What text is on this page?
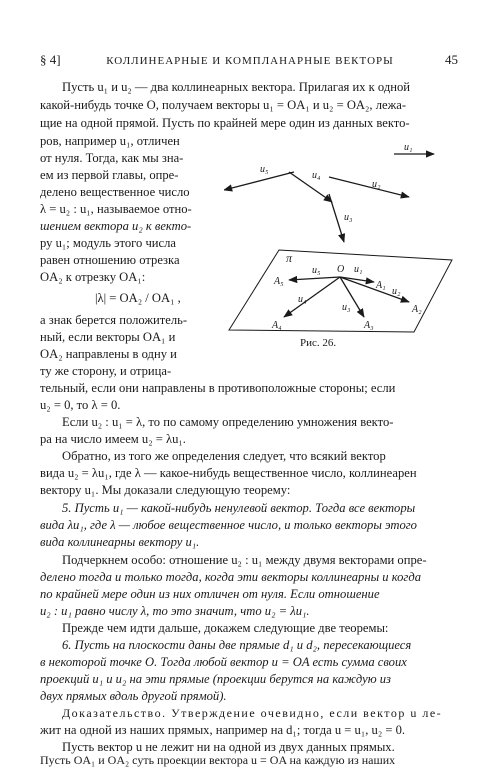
§ 4]	КОЛЛИНЕАРНЫЕ И КОМПЛАНАРНЫЕ ВЕКТОРЫ	45
Пусть u₁ и u₂ — два коллинеарных вектора. Прилагая их к одной
какой-нибудь точке O, получаем векторы u₁ = OA₁ и u₂ = OA₂, лежа-
щие на одной прямой. Пусть по крайней мере один из данных векто-
ров, например u₁, отличен
от нуля. Тогда, как мы зна-
ем из первой главы, опре-
делено вещественное число
λ = u₂ : u₁, называемое отно-
шением вектора u₂ к векто-
ру u₁; модуль этого числа
равен отношению отрезка
OA₂ к отрезку OA₁:
|λ| = OA₂ / OA₁ ,
а знак берется положитель-
ный, если векторы OA₁ и
OA₂ направлены в одну и
ту же сторону, и отрицa-
тельный, если они направлены в противоположные стороны; если
u₂ = 0, то λ = 0.
Если u₂ : u₁ = λ, то по самому определению умножения векто-
ра на число имеем u₂ = λu₁.
Обратно, из того же определения следует, что всякий вектор
вида u₂ = λu₁, где λ — какое-нибудь вещественное число, коллинеарен
вектору u₁. Мы доказали следующую теорему:
5. Пусть u₁ — какой-нибудь ненулевой вектор. Тогда все векторы
вида λu₁, где λ — любое вещественное число, и только векторы этого
вида коллинеарны вектору u₁.
Подчеркнем особо: отношение u₂ : u₁ между двумя векторами опре-
делено тогда и только тогда, когда эти векторы коллинеарны и когда
по крайней мере один из них отличен от нуля. Если отношение
u₂ : u₁ равно числу λ, то это значит, что u₂ = λu₁.
Прежде чем идти дальше, докажем следующие две теоремы:
6. Пусть на плоскости даны две прямые d₁ и d₂, пересекающиеся
в некоторой точке O. Тогда любой вектор u = OA есть сумма своих
проекций u₁ и u₂ на эти прямые (проекции берутся на каждую из
двух прямых вдоль другой прямой).
Доказательство. Утверждение очевидно, если вектор u ле-
жит на одной из наших прямых, например на d₁; тогда u = u₁, u₂ = 0.
Пусть вектор u не лежит ни на одной из двух данных прямых.
Пусть OA₁ и OA₂ суть проекции вектора u = OA на каждую из наших
u₁
u₅
u₄
u₂
u₃
π
u₅ O u₁
A₁
u₂
A₂
A₅
u₄
u₃
A₄	A₃
Рис. 26.
